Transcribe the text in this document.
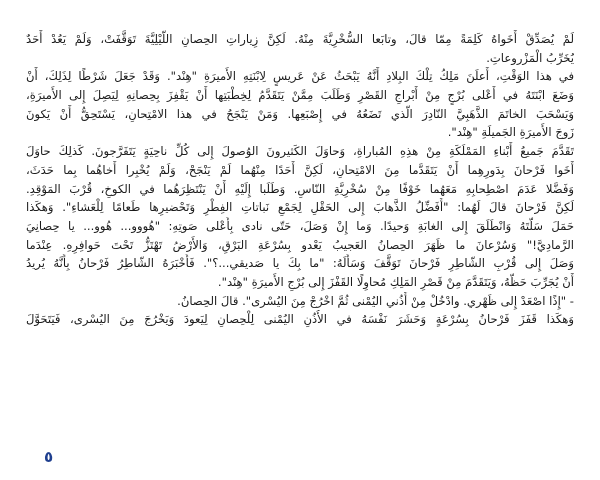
لَمْ يُصَدِّقْ أَخَواهُ كَلِمَةً مِمّا قالَ، وتابَعا السُّخْرِيَّةَ مِنْهُ. لَكِنَّ زِياراتِ الحِصانِ اللَّيْلِيَّةَ تَوَقَّفَتْ، وَلَمْ يَعُدْ أَحَدٌ
يُخَرِّبُ الْمَزْروعاتِ.
في هذا الوَقْتِ، أَعلَنَ مَلِكُ تِلْكَ البِلادِ أَنَّهُ يَبْحَثُ عَنْ عَريسٍ لِابْنَتِهِ الأَميرَةِ "هِنْد". وَقَدْ جَعَلَ شَرْطًا لِذَلِكَ، أَنْ
وَضَعَ ابْنَتَهُ في أَعْلى بُرْجٍ مِنْ أَبْراجِ القَصْرِ وَطَلَبَ مِمَّنْ يَتَقَدَّمُ لِخِطْبَتِها أَنْ يَقْفِزَ بِحِصانِهِ لِيَصِلَ إِلى الأَميرَةِ،
وَيَسْحَبَ الخاتَمَ الذَّهَبِيَّ النّادِرَ الَّذي تَضَعُهُ في إِصْبَعِها. وَمَنْ يَنْجَحُ في هذا الامْتِحانِ، يَسْتَحِقُّ أَنْ يَكونَ
زَوجَ الأَميرَةِ الجَميلَةِ "هِنْد".
تَقَدَّمَ جَميعُ أَبْناءِ المَمْلَكَةِ مِنْ هذِهِ المُباراةِ، وَحاوَلَ الكَثيرونَ الوُصولَ إِلى كُلِّ ناحِيَةٍ يَتَفَرَّجونَ. كَذلِكَ حاوَلَ
أَخَوا فَرْحانَ بِدَورِهِما أَنْ يَتَقَدَّما مِنَ الامْتِحانِ، لَكِنَّ أَحَدًا مِنْهُما لَمْ يَنْجَحْ، وَلَمْ يُخْبِرا أَخاهُما بِما حَدَثَ،
وَفَضَّلا عَدَمَ اصْطِحابِهِ مَعَهُما خَوْفًا مِنْ سُخْرِيَّةِ النّاسِ. وَطَلَبا إِلَيْهِ أَنْ يَنْتَظِرَهُما في الكوخِ، قُرْبَ المَوْقِدِ.
لَكِنَّ فَرْحانَ قالَ لَهُما: "أُفَضِّلُ الذَّهابَ إِلى الحَقْلِ لِجَمْعِ نَباتاتِ الفِطْرِ وَتَحْضيرِها طَعامًا لِلْعَشاءِ". وَهكَذا
حَمَلَ سَلَّتَهُ وَانْطَلَقَ إِلى الغابَةِ وَحيدًا. وَما إِنْ وَصَلَ، حَتّى نادى بِأَعْلى صَوتِهِ: "هُووو... هُوو... يا حِصانِيَ
الرَّمادِيَّ!" وَسُرْعانَ ما ظَهَرَ الحِصانُ العَجيبُ يَعْدو بِسُرْعَةِ البَرْقِ، وَالأَرْضُ تَهْتَزُّ تَحْتَ حَوافِرِهِ. عِنْدَما
وَصَلَ إِلى قُرْبِ الشّاطِرِ فَرْحانَ تَوَقَّفَ وَسَأَلَهُ: "ما بِكَ يا صَديقي...؟". فَأَخْبَرَهُ الشّاطِرُ فَرْحانُ بِأَنَّهُ يُريدُ
أَنْ يُجَرِّبَ حَظَّهُ، وَيَتَقَدَّمَ مِنْ قَصْرِ المَلِكِ مُحاوِلًا القَفْزَ إِلى بُرْجِ الأَميرَةِ "هِنْد".
- "إِذًا اصْعَدْ إِلى ظَهْري. وادْخُلْ مِنْ أُذُني اليُمْنى ثُمَّ اخْرُجْ مِنَ اليُسْرى". قالَ الحِصانُ.
وَهكَذا قَفَزَ فَرْحانُ بِسُرْعَةٍ وَحَشَرَ نَفْسَهُ في الأُذُنِ اليُمْنى لِلْحِصانِ لِيَعودَ وَيَخْرُجَ مِنَ اليُسْرى، فَيَتَحَوَّلَ
٥
